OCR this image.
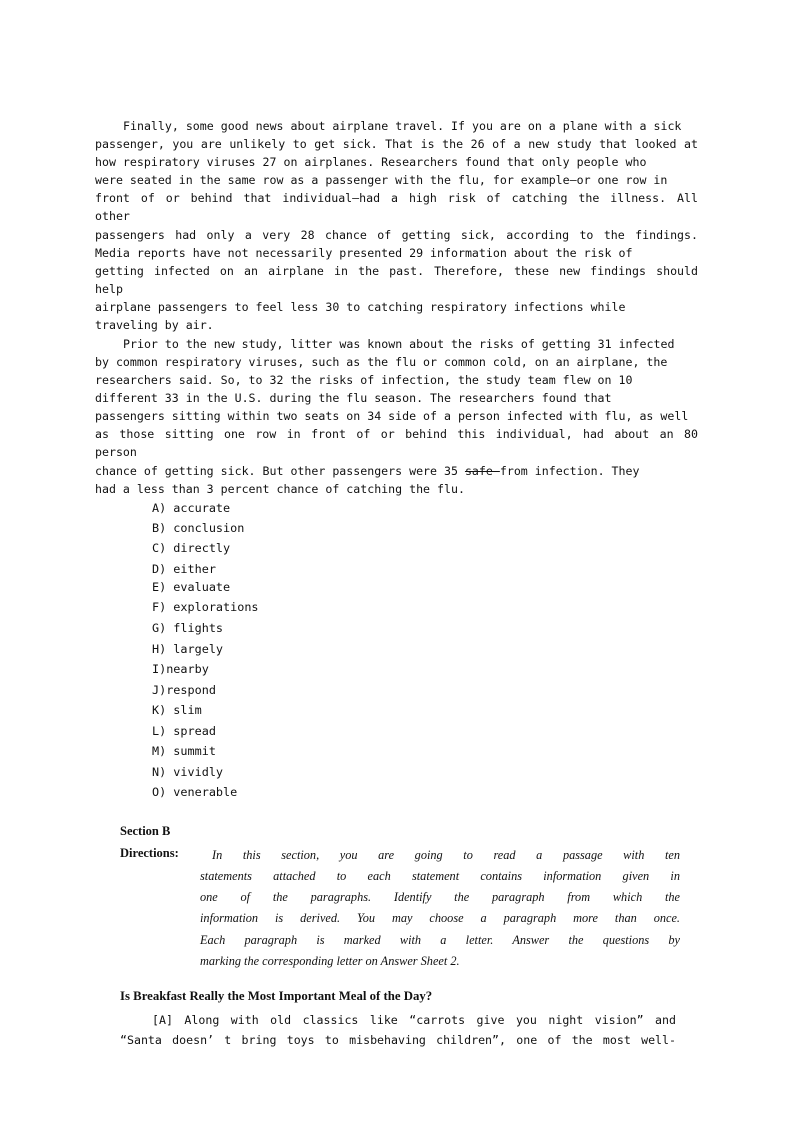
Finally, some good news about airplane travel. If you are on a plane with a sick
passenger, you are unlikely to get sick. That is the 26 of a new study that looked at
how respiratory viruses 27 on airplanes. Researchers found that only people who
were seated in the same row as a passenger with the flu, for example—or one row in
front of or behind that individual—had a high risk of catching the illness. All
other
passengers had only a very 28 chance of getting sick, according to the findings.
Media reports have not necessarily presented 29 information about the risk of
getting infected on an airplane in the past. Therefore, these new findings should
help
airplane passengers to feel less 30 to catching respiratory infections while
traveling by air.
Prior to the new study, litter was known about the risks of getting 31 infected
by common respiratory viruses, such as the flu or common cold, on an airplane, the
researchers said. So, to 32 the risks of infection, the study team flew on 10
different 33 in the U.S. during the flu season. The researchers found that
passengers sitting within two seats on 34 side of a person infected with flu, as well
as those sitting one row in front of or behind this individual, had about an 80
person
chance of getting sick. But other passengers were 35 safe from infection. They
had a less than 3 percent chance of catching the flu.
A) accurate
B) conclusion
C) directly
D) either
E) evaluate
F) explorations
G) flights
H) largely
I)nearby
J)respond
K) slim
L) spread
M) summit
N) vividly
O) venerable
Section B
Directions:	In this section, you are going to read a passage with ten
statements attached to each statement contains information given in
one of the paragraphs. Identify the paragraph from which the
information is derived. You may choose a paragraph more than once.
Each paragraph is marked with a letter. Answer the questions by
marking the corresponding letter on Answer Sheet 2.
Is Breakfast Really the Most Important Meal of the Day?
[A] Along with old classics like “carrots give you night vision” and
“Santa doesn’ t bring toys to misbehaving children”, one of the most well-
